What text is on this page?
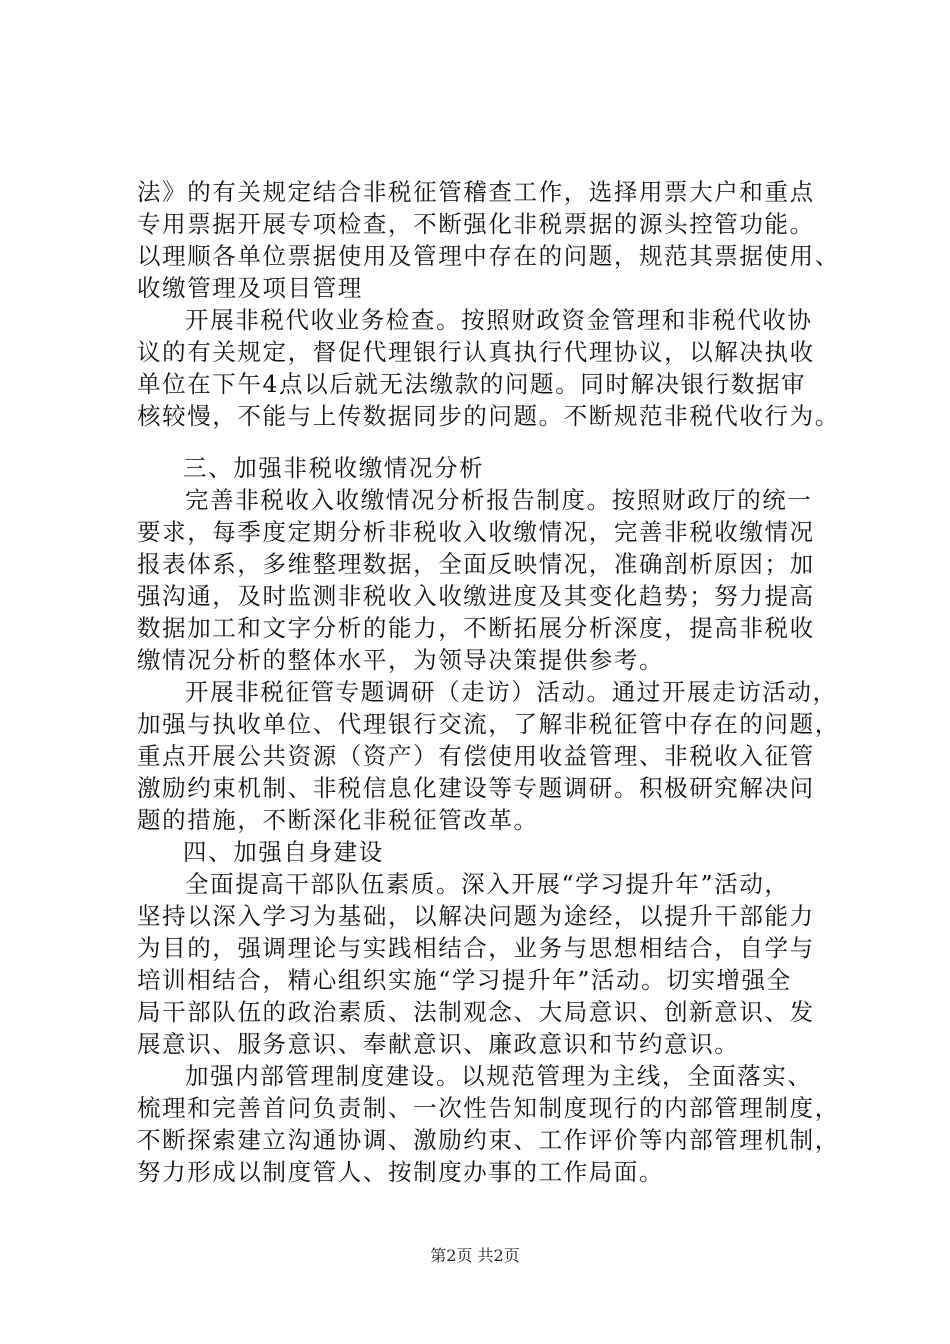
法》的有关规定结合非税征管稽查工作，选择用票大户和重点
专用票据开展专项检查，不断强化非税票据的源头控管功能。
以理顺各单位票据使用及管理中存在的问题，规范其票据使用、
收缴管理及项目管理
开展非税代收业务检查。按照财政资金管理和非税代收协
议的有关规定，督促代理银行认真执行代理协议，以解决执收
单位在下午4点以后就无法缴款的问题。同时解决银行数据审
核较慢，不能与上传数据同步的问题。不断规范非税代收行为。
三、加强非税收缴情况分析
完善非税收入收缴情况分析报告制度。按照财政厅的统一
要求，每季度定期分析非税收入收缴情况，完善非税收缴情况
报表体系，多维整理数据，全面反映情况，准确剖析原因；加
强沟通，及时监测非税收入收缴进度及其变化趋势；努力提高
数据加工和文字分析的能力，不断拓展分析深度，提高非税收
缴情况分析的整体水平，为领导决策提供参考。
开展非税征管专题调研（走访）活动。通过开展走访活动，
加强与执收单位、代理银行交流，了解非税征管中存在的问题，
重点开展公共资源（资产）有偿使用收益管理、非税收入征管
激励约束机制、非税信息化建设等专题调研。积极研究解决问
题的措施，不断深化非税征管改革。
四、加强自身建设
全面提高干部队伍素质。深入开展“学习提升年”活动，
坚持以深入学习为基础，以解决问题为途经，以提升干部能力
为目的，强调理论与实践相结合，业务与思想相结合，自学与
培训相结合，精心组织实施“学习提升年”活动。切实增强全
局干部队伍的政治素质、法制观念、大局意识、创新意识、发
展意识、服务意识、奉献意识、廉政意识和节约意识。
加强内部管理制度建设。以规范管理为主线，全面落实、
梳理和完善首问负责制、一次性告知制度现行的内部管理制度，
不断探索建立沟通协调、激励约束、工作评价等内部管理机制，
努力形成以制度管人、按制度办事的工作局面。
第2页 共2页
